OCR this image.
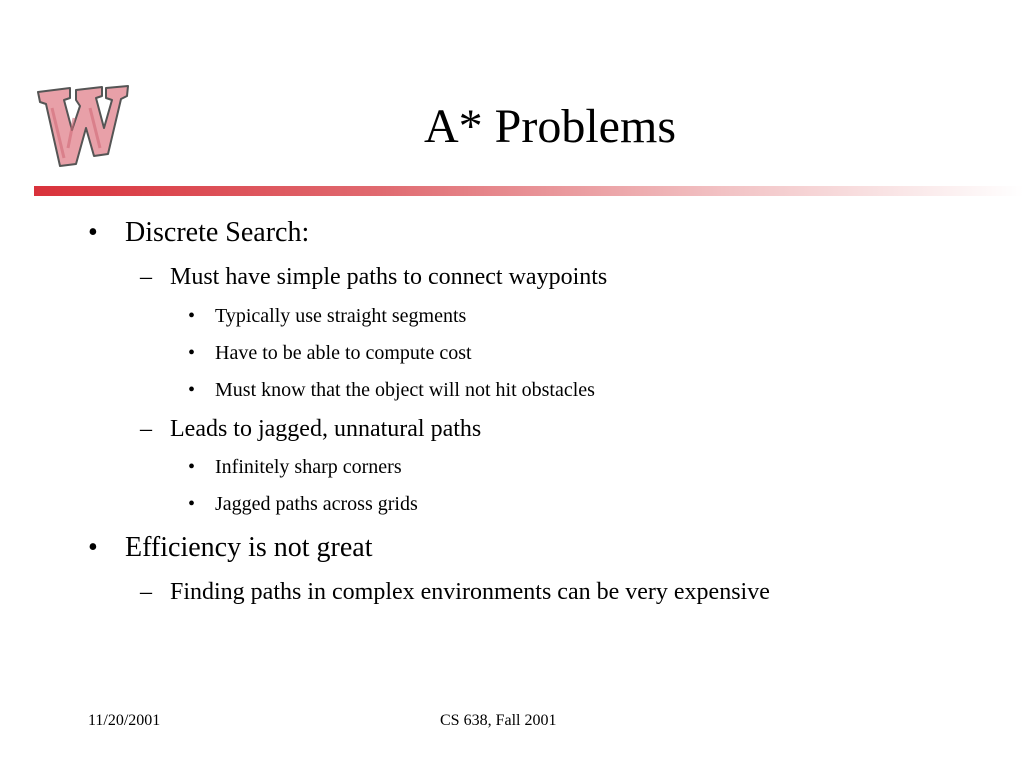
A* Problems
• Discrete Search:
– Must have simple paths to connect waypoints
• Typically use straight segments
• Have to be able to compute cost
• Must know that the object will not hit obstacles
– Leads to jagged, unnatural paths
• Infinitely sharp corners
• Jagged paths across grids
• Efficiency is not great
– Finding paths in complex environments can be very expensive
11/20/2001	CS 638, Fall 2001
